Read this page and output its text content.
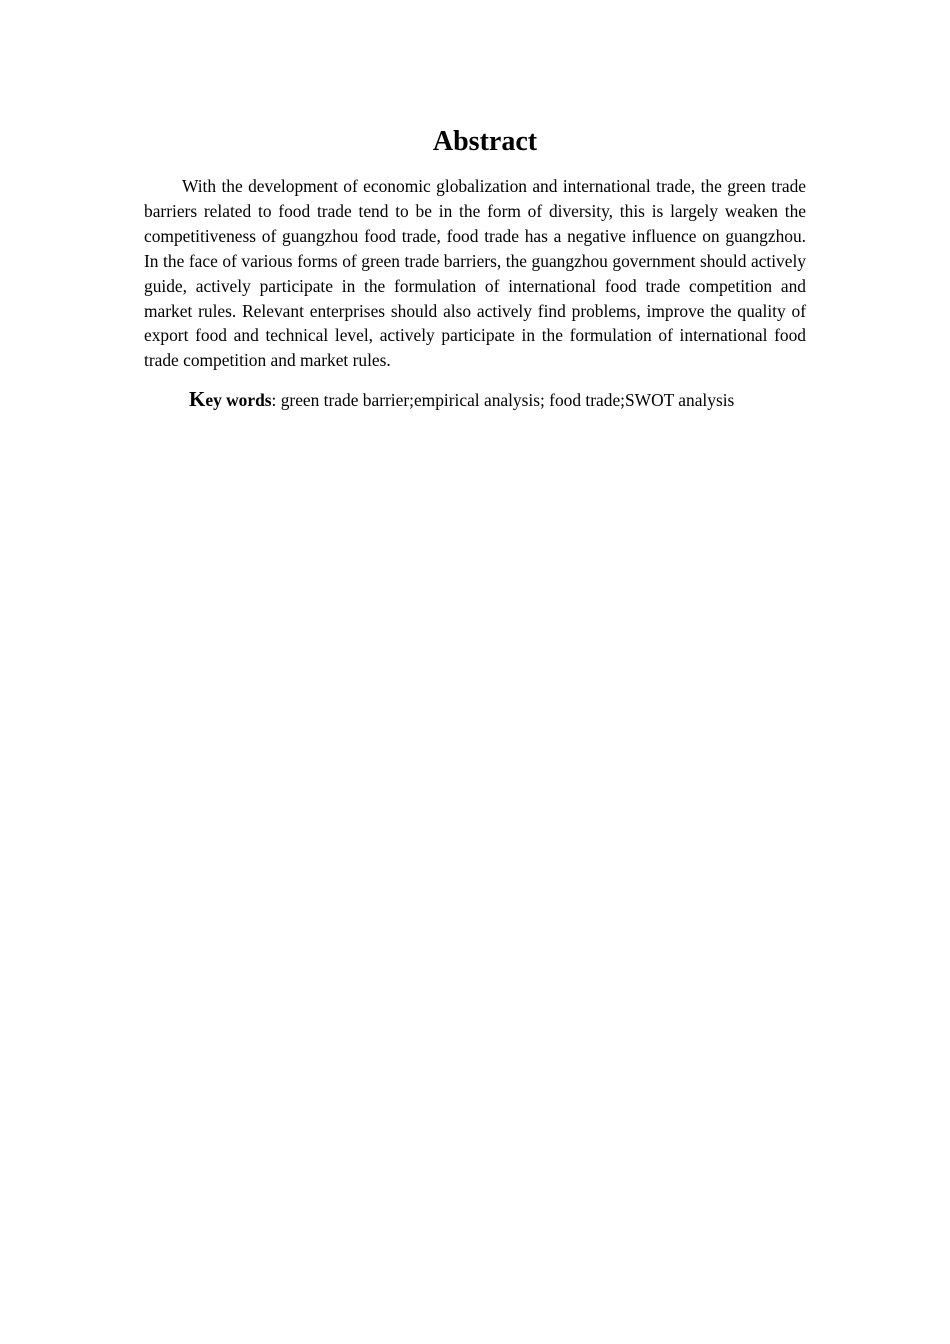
Abstract

With the development of economic globalization and international trade, the green trade barriers related to food trade tend to be in the form of diversity, this is largely weaken the competitiveness of guangzhou food trade, food trade has a negative influence on guangzhou. In the face of various forms of green trade barriers, the guangzhou government should actively guide, actively participate in the formulation of international food trade competition and market rules. Relevant enterprises should also actively find problems, improve the quality of export food and technical level, actively participate in the formulation of international food trade competition and market rules.

Key words: green trade barrier;empirical analysis; food trade;SWOT analysis
